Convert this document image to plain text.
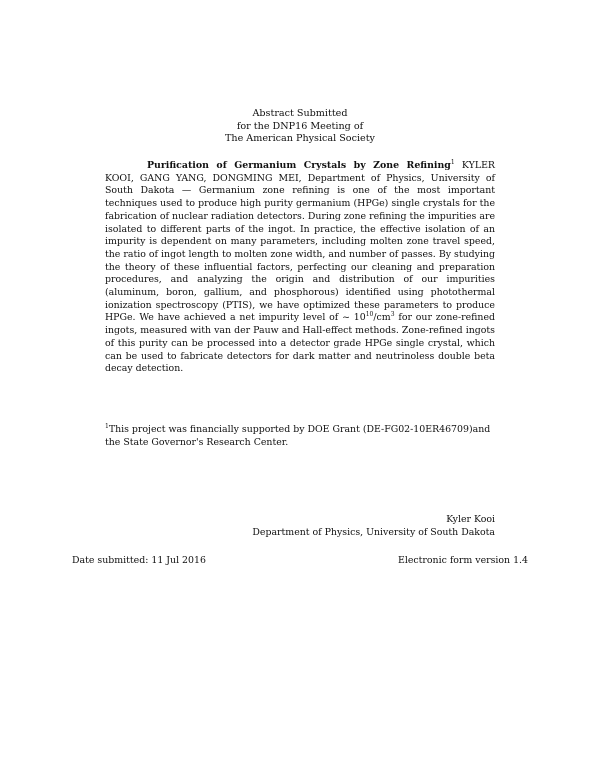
Abstract Submitted
for the DNP16 Meeting of
The American Physical Society
Purification of Germanium Crystals by Zone Refining$^1$ KYLER KOOI, GANG YANG, DONGMING MEI, Department of Physics, University of South Dakota — Germanium zone refining is one of the most important techniques used to produce high purity germanium (HPGe) single crystals for the fabrication of nuclear radiation detectors. During zone refining the impurities are isolated to different parts of the ingot. In practice, the effective isolation of an impurity is dependent on many parameters, including molten zone travel speed, the ratio of ingot length to molten zone width, and number of passes. By studying the theory of these influential factors, perfecting our cleaning and preparation procedures, and analyzing the origin and distribution of our impurities (aluminum, boron, gallium, and phosphorous) identified using photothermal ionization spectroscopy (PTIS), we have optimized these parameters to produce HPGe. We have achieved a net impurity level of ~ $10^{10}/cm^3$ for our zone-refined ingots, measured with van der Pauw and Hall-effect methods. Zone-refined ingots of this purity can be processed into a detector grade HPGe single crystal, which can be used to fabricate detectors for dark matter and neutrinoless double beta decay detection.
$^1$This project was financially supported by DOE Grant (DE-FG02-10ER46709)and the State Governor's Research Center.
Kyler Kooi
Department of Physics, University of South Dakota
Date submitted: 11 Jul 2016	Electronic form version 1.4
